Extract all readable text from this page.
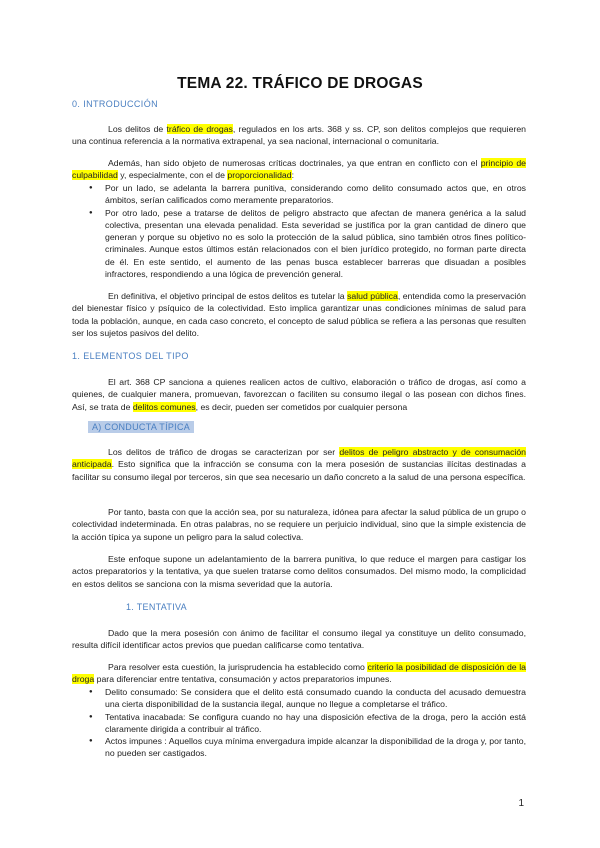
TEMA 22. TRÁFICO DE DROGAS
0. INTRODUCCIÓN

Los delitos de tráfico de drogas, regulados en los arts. 368 y ss. CP, son delitos complejos que requieren una continua referencia a la normativa extrapenal, ya sea nacional, internacional o comunitaria.

Además, han sido objeto de numerosas críticas doctrinales, ya que entran en conflicto con el principio de culpabilidad y, especialmente, con el de proporcionalidad:

● Por un lado, se adelanta la barrera punitiva, considerando como delito consumado actos que, en otros ámbitos, serían calificados como meramente preparatorios.
● Por otro lado, pese a tratarse de delitos de peligro abstracto que afectan de manera genérica a la salud colectiva, presentan una elevada penalidad. Esta severidad se justifica por la gran cantidad de dinero que generan y porque su objetivo no es solo la protección de la salud pública, sino también otros fines político-criminales. Aunque estos últimos están relacionados con el bien jurídico protegido, no forman parte directa de él. En este sentido, el aumento de las penas busca establecer barreras que disuadan a posibles infractores, respondiendo a una lógica de prevención general.

En definitiva, el objetivo principal de estos delitos es tutelar la salud pública, entendida como la preservación del bienestar físico y psíquico de la colectividad. Esto implica garantizar unas condiciones mínimas de salud para toda la población, aunque, en cada caso concreto, el concepto de salud pública se refiera a las personas que resulten ser los sujetos pasivos del delito.

1. ELEMENTOS DEL TIPO

El art. 368 CP sanciona a quienes realicen actos de cultivo, elaboración o tráfico de drogas, así como a quienes, de cualquier manera, promuevan, favorezcan o faciliten su consumo ilegal o las posean con dichos fines. Así, se trata de delitos comunes, es decir, pueden ser cometidos por cualquier persona

A) CONDUCTA TÍPICA

Los delitos de tráfico de drogas se caracterizan por ser delitos de peligro abstracto y de consumación anticipada. Esto significa que la infracción se consuma con la mera posesión de sustancias ilícitas destinadas a facilitar su consumo ilegal por terceros, sin que sea necesario un daño concreto a la salud de una persona específica.

Por tanto, basta con que la acción sea, por su naturaleza, idónea para afectar la salud pública de un grupo o colectividad indeterminada. En otras palabras, no se requiere un perjuicio individual, sino que la simple existencia de la acción típica ya supone un peligro para la salud colectiva.

Este enfoque supone un adelantamiento de la barrera punitiva, lo que reduce el margen para castigar los actos preparatorios y la tentativa, ya que suelen tratarse como delitos consumados. Del mismo modo, la complicidad en estos delitos se sanciona con la misma severidad que la autoría.

1. TENTATIVA

Dado que la mera posesión con ánimo de facilitar el consumo ilegal ya constituye un delito consumado, resulta difícil identificar actos previos que puedan calificarse como tentativa.

Para resolver esta cuestión, la jurisprudencia ha establecido como criterio la posibilidad de disposición de la droga para diferenciar entre tentativa, consumación y actos preparatorios impunes.

● Delito consumado: Se considera que el delito está consumado cuando la conducta del acusado demuestra una cierta disponibilidad de la sustancia ilegal, aunque no llegue a completarse el tráfico.
● Tentativa inacabada: Se configura cuando no hay una disposición efectiva de la droga, pero la acción está claramente dirigida a contribuir al tráfico.
● Actos impunes : Aquellos cuya mínima envergadura impide alcanzar la disponibilidad de la droga y, por tanto, no pueden ser castigados.
1
